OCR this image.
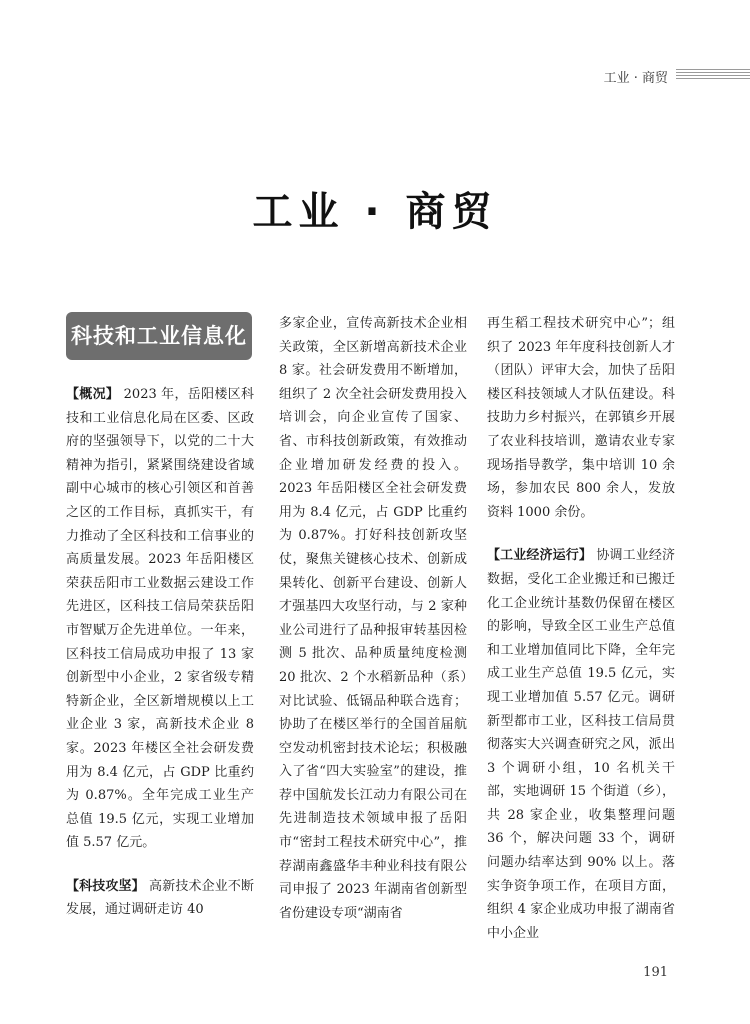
工业 · 商贸
工业 · 商贸
科技和工业信息化

【概况】 2023 年，岳阳楼区科技和工业信息化局在区委、区政府的坚强领导下，以党的二十大精神为指引，紧紧围绕建设省域副中心城市的核心引领区和首善之区的工作目标，真抓实干，有力推动了全区科技和工信事业的高质量发展。2023 年岳阳楼区荣获岳阳市工业数据云建设工作先进区，区科技工信局荣获岳阳市智赋万企先进单位。一年来，区科技工信局成功申报了 13 家创新型中小企业，2 家省级专精特新企业，全区新增规模以上工业企业 3 家，高新技术企业 8 家。2023 年楼区全社会研发费用为 8.4 亿元，占 GDP 比重约为 0.87%。全年完成工业生产总值 19.5 亿元，实现工业增加值 5.57 亿元。

【科技攻坚】 高新技术企业不断发展，通过调研走访 40

多家企业，宣传高新技术企业相关政策，全区新增高新技术企业 8 家。社会研发费用不断增加，组织了 2 次全社会研发费用投入培训会，向企业宣传了国家、省、市科技创新政策，有效推动企业增加研发经费的投入。2023 年岳阳楼区全社会研发费用为 8.4 亿元，占 GDP 比重约为 0.87%。打好科技创新攻坚仗，聚焦关键核心技术、创新成果转化、创新平台建设、创新人才强基四大攻坚行动，与 2 家种业公司进行了品种报审转基因检测 5 批次、品种质量纯度检测 20 批次、2 个水稻新品种（系）对比试验、低镉品种联合选育；协助了在楼区举行的全国首届航空发动机密封技术论坛；积极融入了省“四大实验室”的建设，推荐中国航发长江动力有限公司在先进制造技术领域申报了岳阳市“密封工程技术研究中心”，推荐湖南鑫盛华丰种业科技有限公司申报了 2023 年湖南省创新型省份建设专项“湖南省

再生稻工程技术研究中心”；组织了 2023 年年度科技创新人才（团队）评审大会，加快了岳阳楼区科技领域人才队伍建设。科技助力乡村振兴，在郭镇乡开展了农业科技培训，邀请农业专家现场指导教学，集中培训 10 余场，参加农民 800 余人，发放资料 1000 余份。

【工业经济运行】 协调工业经济数据，受化工企业搬迁和已搬迁化工企业统计基数仍保留在楼区的影响，导致全区工业生产总值和工业增加值同比下降，全年完成工业生产总值 19.5 亿元，实现工业增加值 5.57 亿元。调研新型都市工业，区科技工信局贯彻落实大兴调查研究之风，派出 3 个调研小组，10 名机关干部，实地调研 15 个街道（乡），共 28 家企业，收集整理问题 36 个，解决问题 33 个，调研问题办结率达到 90% 以上。落实争资争项工作，在项目方面，组织 4 家企业成功申报了湖南省中小企业

191
